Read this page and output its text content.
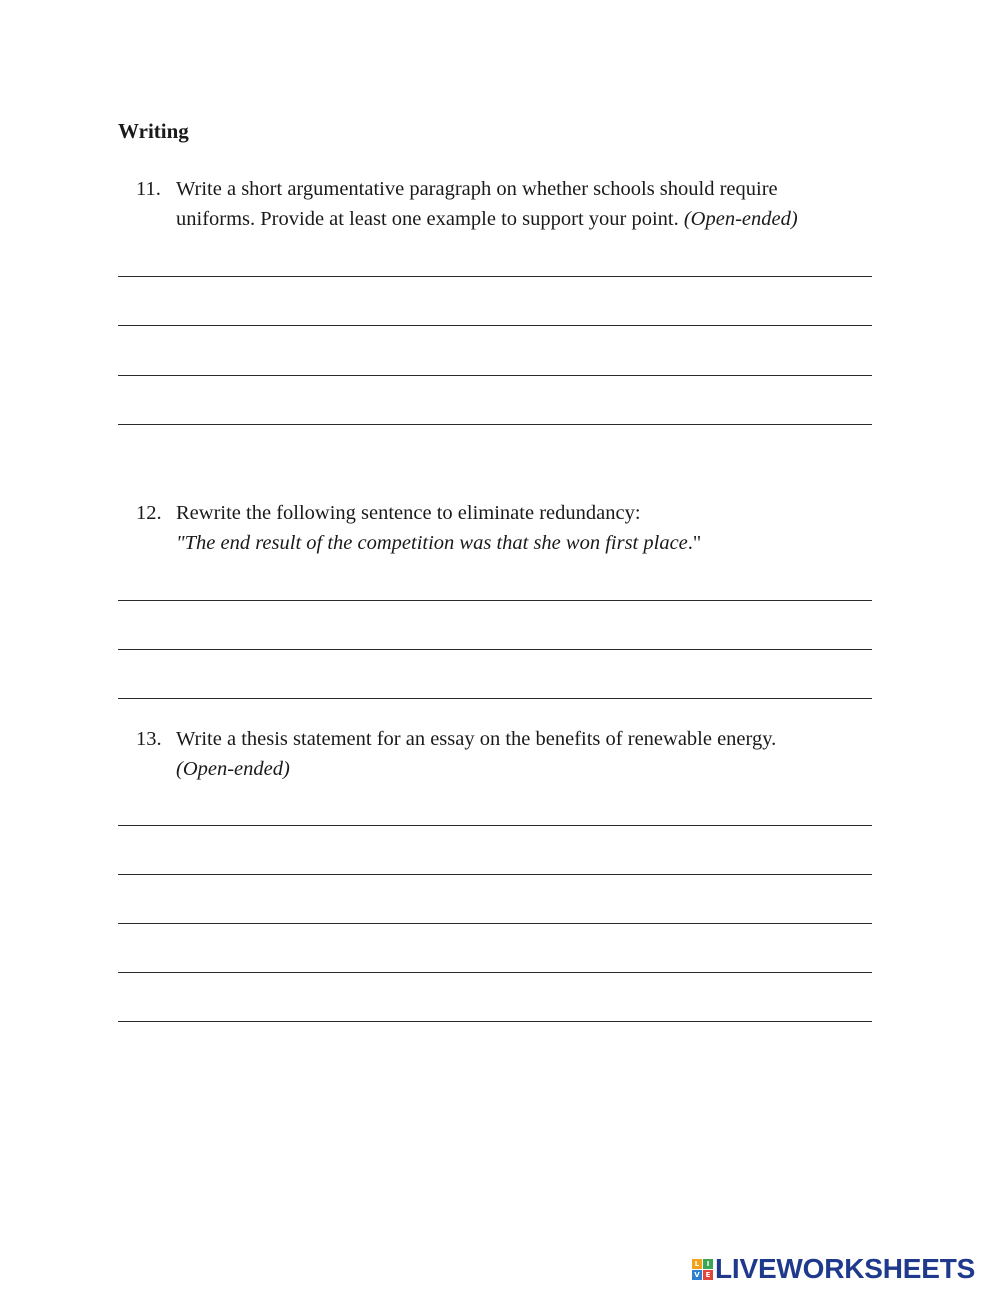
Writing
11. Write a short argumentative paragraph on whether schools should require
uniforms. Provide at least one example to support your point. (Open-ended)
12. Rewrite the following sentence to eliminate redundancy:
"The end result of the competition was that she won first place."
13. Write a thesis statement for an essay on the benefits of renewable energy.
(Open-ended)
L	I
V E LIVEWORKSHEETS
